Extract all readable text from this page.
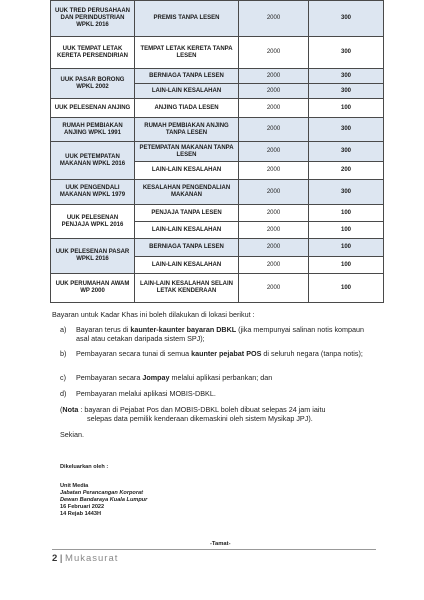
UUK TRED PERUSAHAAN DAN PERINDUSTRIAN WPKL 2016	PREMIS TANPA LESEN	2000	300
UUK TEMPAT LETAK KERETA PERSENDIRIAN	TEMPAT LETAK KERETA TANPA LESEN	2000	300
UUK PASAR BORONG WPKL 2002	BERNIAGA TANPA LESEN	2000	300
	LAIN-LAIN KESALAHAN	2000	300
UUK PELESENAN ANJING	ANJING TIADA LESEN	2000	100
RUMAH PEMBIAKAN ANJING WPKL 1991	RUMAH PEMBIAKAN ANJING TANPA LESEN	2000	300
UUK PETEMPATAN MAKANAN WPKL 2016	PETEMPATAN MAKANAN TANPA LESEN	2000	300
	LAIN-LAIN KESALAHAN	2000	200
UUK PENGENDALI MAKANAN WPKL 1979	KESALAHAN PENGENDALIAN MAKANAN	2000	300
UUK PELESENAN PENJAJA WPKL 2016	PENJAJA TANPA LESEN	2000	100
	LAIN-LAIN KESALAHAN	2000	100
UUK PELESENAN PASAR WPKL 2016	BERNIAGA TANPA LESEN	2000	100
	LAIN-LAIN KESALAHAN	2000	100
UUK PERUMAHAN AWAM WP 2000	LAIN-LAIN KESALAHAN SELAIN LETAK KENDERAAN	2000	100
Bayaran untuk Kadar Khas ini boleh dilakukan di lokasi berikut :
a) Bayaran terus di kaunter-kaunter bayaran DBKL (jika mempunyai salinan notis kompaun asal atau cetakan daripada sistem SPJ);
b) Pembayaran secara tunai di semua kaunter pejabat POS di seluruh negara (tanpa notis);
c) Pembayaran secara Jompay melalui aplikasi perbankan; dan
d) Pembayaran melalui aplikasi MOBIS-DBKL.
(Nota : bayaran di Pejabat Pos dan MOBIS-DBKL boleh dibuat selepas 24 jam iaitu
selepas data pemilik kenderaan dikemaskini oleh sistem Mysikap JPJ).
Sekian.
Dikeluarkan oleh :
Unit Media
Jabatan Perancangan Korporat
Dewan Bandaraya Kuala Lumpur
16 Februari 2022
14 Rejab 1443H
-Tamat-
2 | Mukasurat
